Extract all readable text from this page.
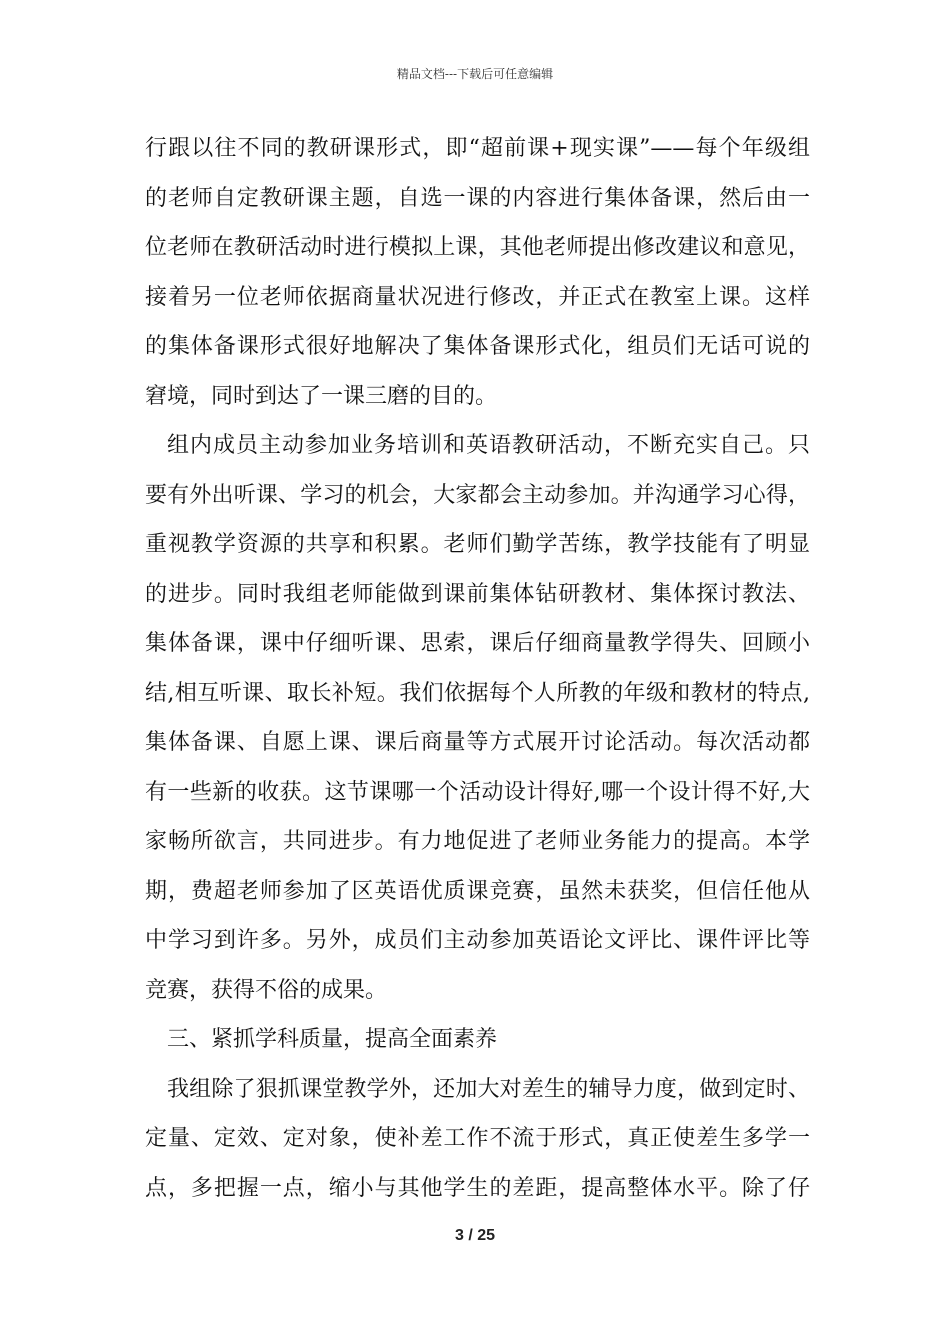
精品文档---下载后可任意编辑
行跟以往不同的教研课形式，即“超前课+现实课”——每个年级组
的老师自定教研课主题，自选一课的内容进行集体备课，然后由一
位老师在教研活动时进行模拟上课，其他老师提出修改建议和意见，
接着另一位老师依据商量状况进行修改，并正式在教室上课。这样
的集体备课形式很好地解决了集体备课形式化，组员们无话可说的
窘境，同时到达了一课三磨的目的。
组内成员主动参加业务培训和英语教研活动，不断充实自己。只
要有外出听课、学习的机会，大家都会主动参加。并沟通学习心得，
重视教学资源的共享和积累。老师们勤学苦练，教学技能有了明显
的进步。同时我组老师能做到课前集体钻研教材、集体探讨教法、
集体备课，课中仔细听课、思索，课后仔细商量教学得失、回顾小
结,相互听课、取长补短。我们依据每个人所教的年级和教材的特点,
集体备课、自愿上课、课后商量等方式展开讨论活动。每次活动都
有一些新的收获。这节课哪一个活动设计得好,哪一个设计得不好,大
家畅所欲言，共同进步。有力地促进了老师业务能力的提高。本学
期，费超老师参加了区英语优质课竞赛，虽然未获奖，但信任他从
中学习到许多。另外，成员们主动参加英语论文评比、课件评比等
竞赛，获得不俗的成果。
三、紧抓学科质量，提高全面素养
我组除了狠抓课堂教学外，还加大对差生的辅导力度，做到定时、
定量、定效、定对象，使补差工作不流于形式，真正使差生多学一
点，多把握一点，缩小与其他学生的差距，提高整体水平。除了仔
3 / 25
